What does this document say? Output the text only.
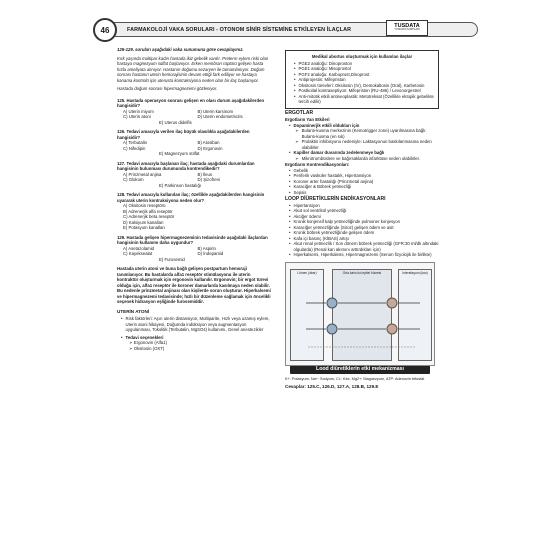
46	FARMAKOLOJİ VAKA SORULARI - OTONOM SİNİR SİSTEMİNE ETKİLEYEN İLAÇLAR
TUSDATA
TUSDATA KAMPLARI
125-129. soruları aşağıdaki vaka sunumuna göre cevaplayınız.
Kırk yaşında multipar kadın hastada ikiz gebelik vardır. Preterm eylem riski olan hastaya magnezyum sülfat başlanıyor. Erken membran rüptürü gelişen hasta hızla ameliyata alınıyor. Hastanın doğumu sezaryen ile tamamlanıyor. Doğum sonrası hastanın uterin hemorajisinin devam ettiği fark ediliyor ve hastaya kanama kontrolü için uterusta kontraksiyona neden olan bir ilaç başlanıyor.
Hastada doğum sonrası hipermagnezemi gözleniyor.
125. Hastada operasyon sonrası gelişen en olası durum aşağıdakilerden hangisidir?
A) Uterin miyom	B) Uterin karsinom
C) Uterin atoni	D) Uterin endometriozis
E) Uterus didelfis
126. Tedavi amacıyla verilen ilaç büyük olasılıkla aşağıdakilerden hangisidir?
A) Terbutalin	B) Atosiban
C) Nifedipin	D) Ergonovin
E) Magnezyum sülfat
127. Tedavi amacıyla başlanan ilaç; hastada aşağıdaki durumlardan hangisinin bulunması durumunda kontrendikedir?
A) Prinzmetal anjina	B) İleus
C) Glokom	D) Şizofreni
E) Parkinson hastalığı
128. Tedavi amacıyla kullanılan ilaç; özellikle aşağıdakilerden hangisinin uyararak uterin kontraksiyona neden olur?
A) Oksitosin reseptörü
B) Adrenerjik alfa reseptör
C) Adrenerjik beta reseptör
D) Kalsiyum kanalları
E) Potasyum kanalları
129. Hastada gelişen hipermagnezeminin tedavisinde aşağıdaki ilaçlardan hangisinin kullanımı daha uygundur?
A) Asetazolamid	B) Aspirin
C) Kayeksealat	D) İndepamid
E) Furosemid
Hastada uterin atoni ve buna bağlı gelişen postpartum hemoraji tanımlanıyor. Bu hastalarda alfa1 reseptör stimülasyonu ile uterin kontraktür oluşturmak için ergonovin kullanılır. Ergonovin; bir ergot türevi olduğu için, alfa1 reseptör ile koroner damarlarda kasılmaya neden olabilir. Bu nedenle prinzmetal anjinası olan kişilerde sorun oluşturur. Hiperkalsemi ve hipermagnezemi tedavisinde; hızlı bir düzenleme sağlamak için öncelikli seçenek hidrasyon eşliğinde furosemiddir.
UTERİN ATONİ
• Risk faktörleri: Aşırı uterin distansiyon, Multiparite, Hızlı veya uzamış eylem, Uterin atoni hikayesi, Doğumda indüksiyon veya augmentasyon uygulanması, Tokolitik (Terbutalin, MgSO4) kullanımı, Genel anestezikler
• Tedavi seçenekleri
➢ Ergonovin (Alfa1)
➢ Oksitosin (OXT)
Medikal abortus oluşturmak için kullanılan ilaçlar
• PGE2 analoğu: Dinoproston
• PGE1 analoğu: Misoprostol
• PGF2 analoğu: Karboprost,Dinoprost
• Antiprojestin: Mifepriston
• Oksitosin türevleri: Oksitosin (IV), Demokaltosin (Oral), Karbetosin
• Postkoital kontraseptiyon: Mifepriston (RU-486) / Levonorgestrel
• Anti-mitotik etkili antineoplastik: Metotreksat (Özellikle ektopik gebelikte tercih edilir)
ERGOTLAR
Ergotların Yan Etkileri
• Dopaminerjik etkili oldukları için
➢ Bulantı-kusma merkezinin (Kemotrigger zone) uyarılmasına bağlı: Bulantı-kusma (en sık)
➢ Prolaktin inhibisyonu nedeniyle: Laktasyonun baskılanmasına neden olabilirler
• Kapiller damar duvarında zedelenmeye bağlı
➢ Mikrotrombüslere ve bağırsaklarda infarktüse neden olabilirler.
Ergotların Kontrendikasyonları:
• Gebelik
• Periferik vasküler hastalık, Hipertansiyon
• Koroner arter hastalığı (Prinzmetal anjina)
• Karaciğer & Böbrek yetmezliği
• Sepsis
LOOP DİÜRETİKLERİN ENDİKASYONLARI
• Hipertansiyon
• Akut sol ventrikül yetmezliği
• Akciğer ödemi
• Kronik konjensif kalp yetmezliğinde pulmoner konjesyon
• Karaciğer yetmezliğinde (Siroz) gelişen ödem ve asit
• Kronik böbrek yetmezliğinde gelişen ödem
• Kafa içi basınç (KİBAS) artışı
• Akut renal yetmezlik / Son dönem böbrek yetmezliği (GFR:30 ml/dk altındaki olgularda) (Renal kan akımını arttırdıkları için)
• Hiperkalsemi, Hiperkalemi, Hipermagnezemi (Serum fizyolojik ile birlikte)
Lümen (idrar)	Orta kalın kol epitel hücresi	İnterstisyum (kan)
Lood diüretiklerin etki mekanizması
K+: Potasyum, Na+: Sodyum, Cl-: Klor, Mg2+: Magnezyum, ATP: Adenozin trifosfat
Cevaplar: 125.C, 126.D, 127.A, 128.B, 129.E
